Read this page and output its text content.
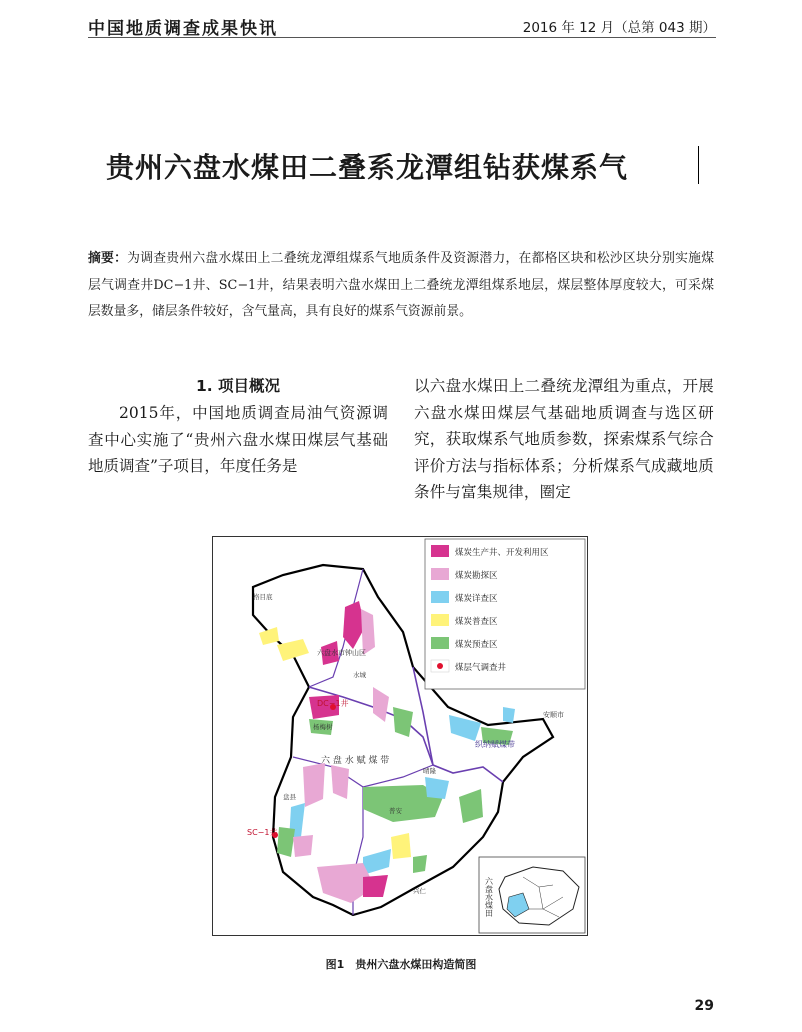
中国地质调查成果快讯	2016 年 12 月（总第 043 期）
贵州六盘水煤田二叠系龙潭组钻获煤系气
摘要：为调查贵州六盘水煤田上二叠统龙潭组煤系气地质条件及资源潜力，在都格区块和松沙区块分别实施煤层气调查井DC−1井、SC−1井，结果表明六盘水煤田上二叠统龙潭组煤系地层，煤层整体厚度较大，可采煤层数量多，储层条件较好，含气量高，具有良好的煤系气资源前景。
1. 项目概况
2015年，中国地质调查局油气资源调查中心实施了“贵州六盘水煤田煤层气基础地质调查”子项目，年度任务是
以六盘水煤田上二叠统龙潭组为重点，开展六盘水煤田煤层气基础地质调查与选区研究，获取煤系气地质参数，探索煤系气综合评价方法与指标体系；分析煤系气成藏地质条件与富集规律，圈定
六盘水市钟山区
DC−1井
SC−1井
六 盘 水 赋 煤 带
织纳赋煤带
安顺市
杨梅树
格目底
晴隆
普安
兴仁
水城
盘县
煤炭生产井、开发利用区
煤炭勘探区
煤炭详查区
煤炭普查区
煤炭预查区
煤层气调查井
六盘水煤田
图1　贵州六盘水煤田构造简图
29
